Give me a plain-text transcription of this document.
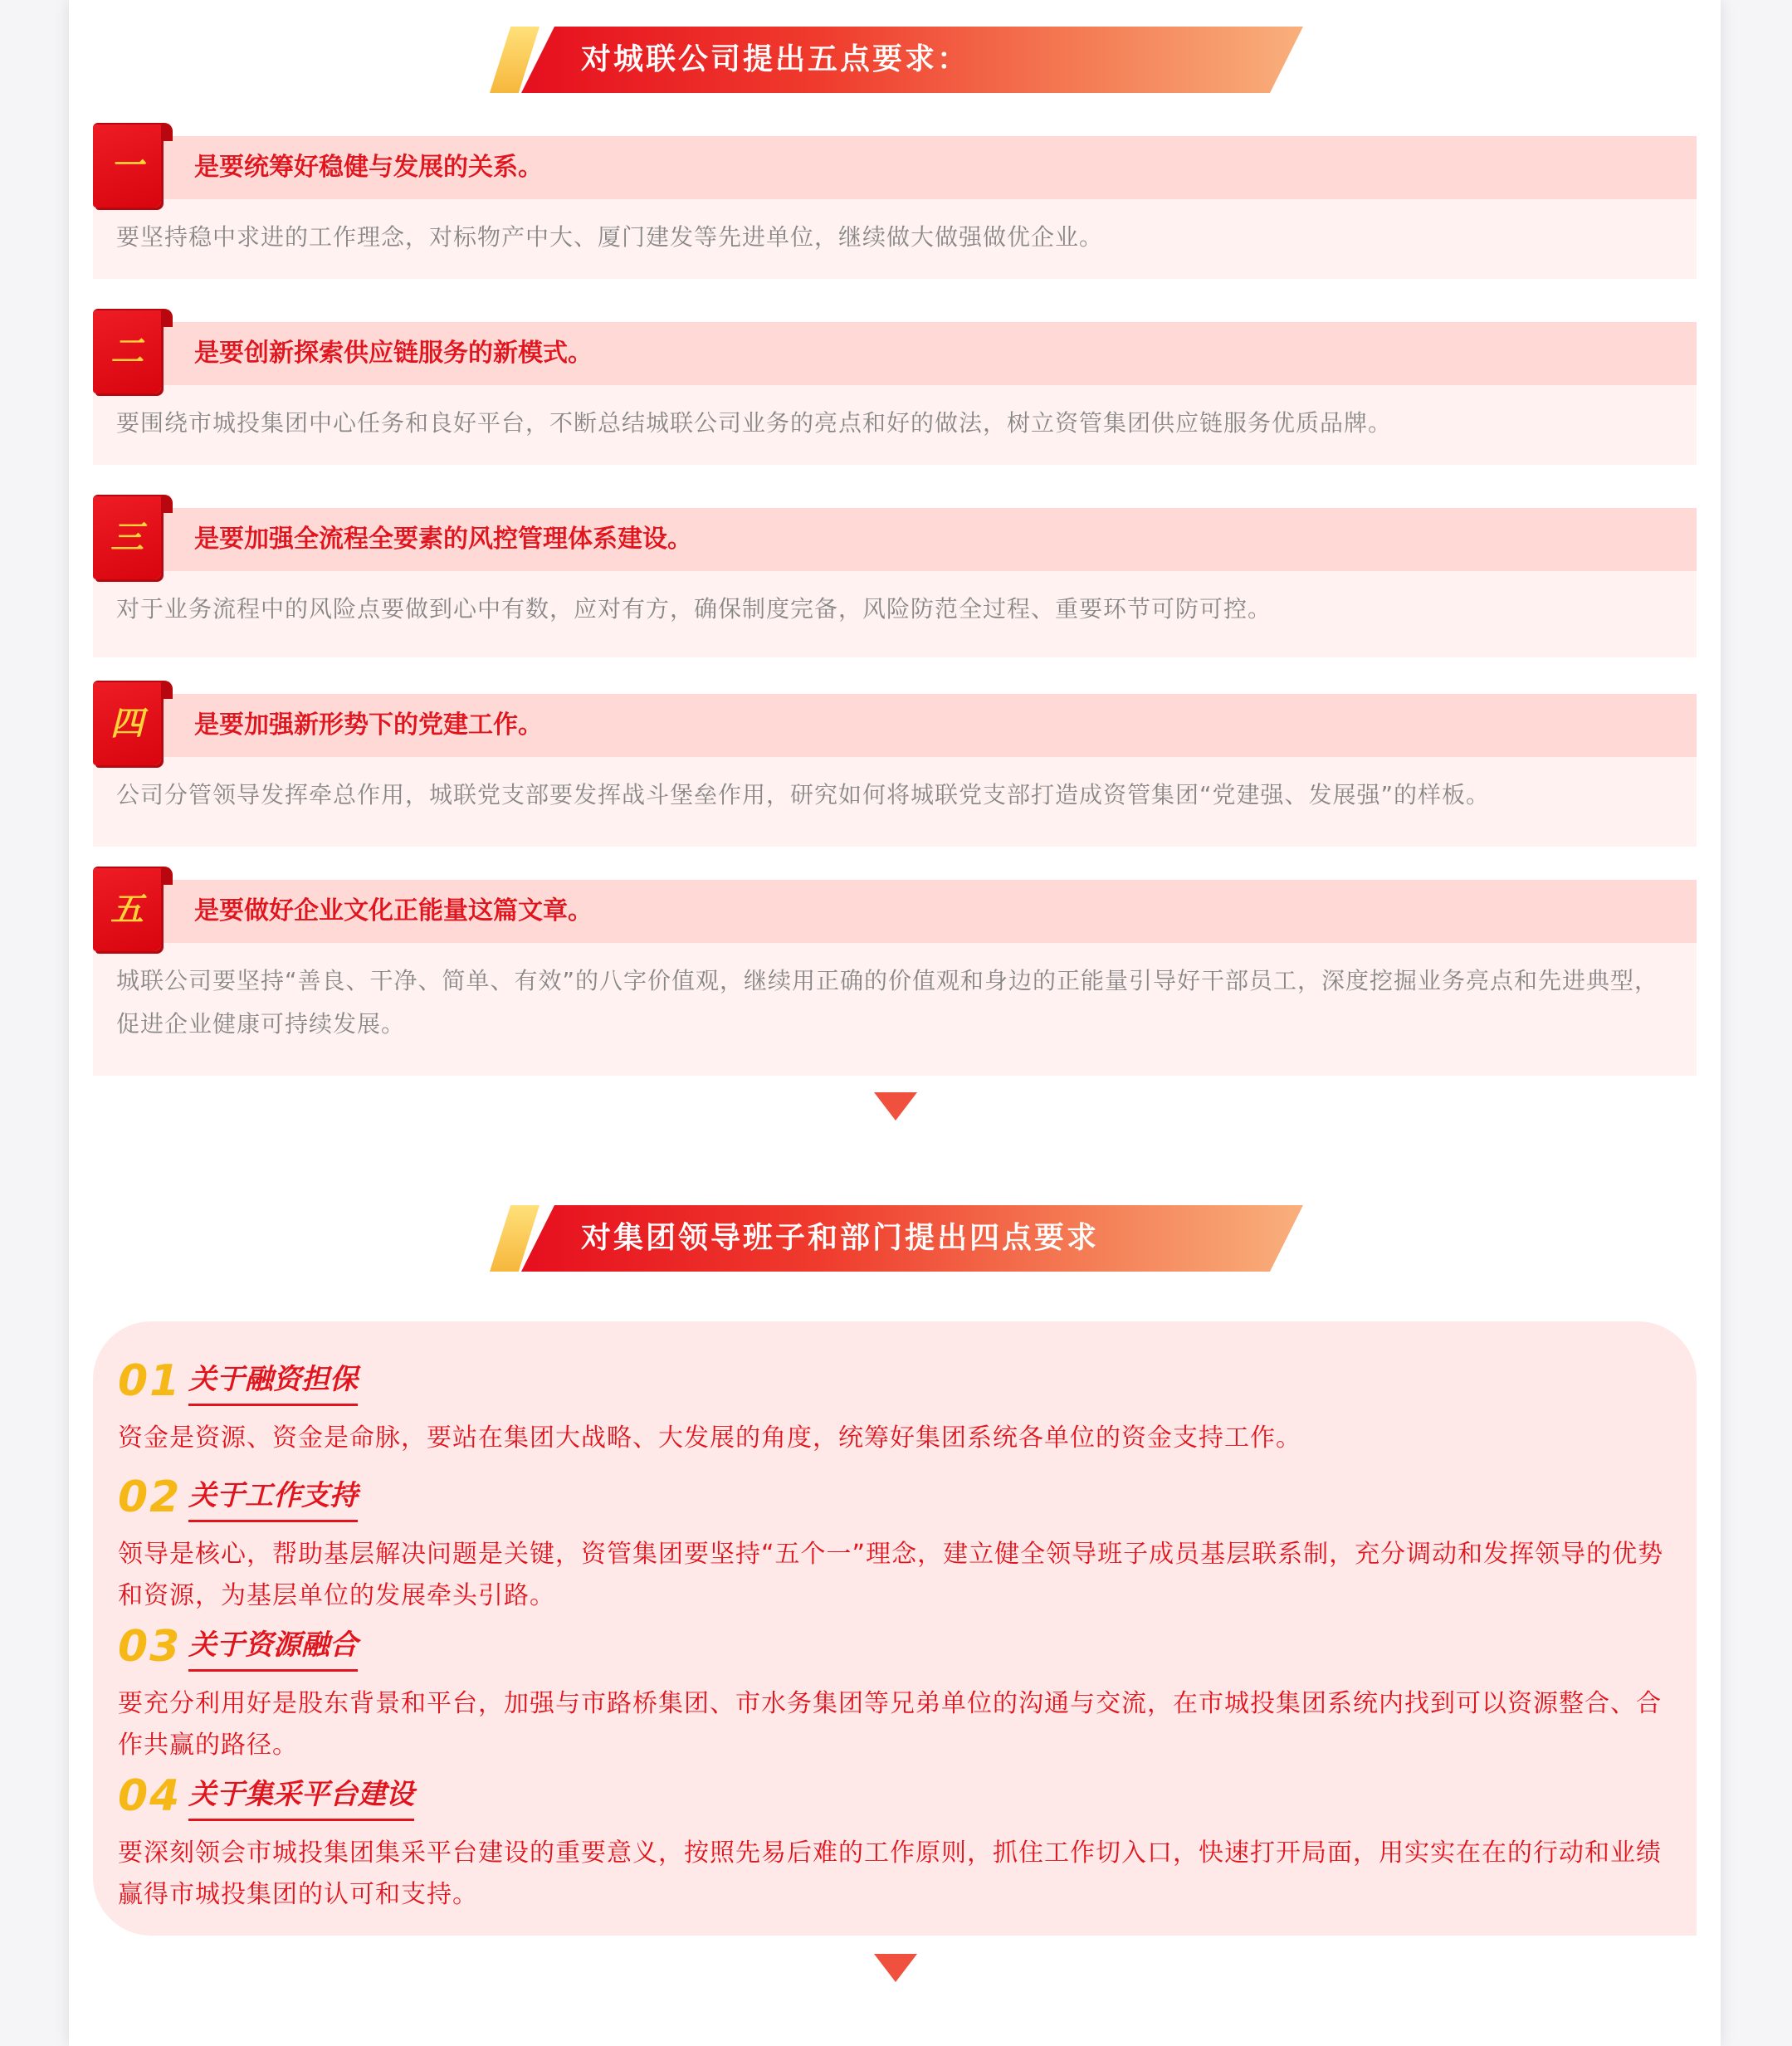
对城联公司提出五点要求：
要坚持稳中求进的工作理念，对标物产中大、厦门建发等先进单位，继续做大做强做优企业。
一	是要统筹好稳健与发展的关系。
要围绕市城投集团中心任务和良好平台，不断总结城联公司业务的亮点和好的做法，树立资管集团供应链服务优质品牌。
二	是要创新探索供应链服务的新模式。
对于业务流程中的风险点要做到心中有数，应对有方，确保制度完备，风险防范全过程、重要环节可防可控。
三	是要加强全流程全要素的风控管理体系建设。
公司分管领导发挥牵总作用，城联党支部要发挥战斗堡垒作用，研究如何将城联党支部打造成资管集团“党建强、发展强”的样板。
四	是要加强新形势下的党建工作。
城联公司要坚持“善良、干净、简单、有效”的八字价值观，继续用正确的价值观和身边的正能量引导好干部员工，深度挖掘业务亮点和先进典型，促进企业健康可持续发展。
五	是要做好企业文化正能量这篇文章。
对集团领导班子和部门提出四点要求
01 关于融资担保
资金是资源、资金是命脉，要站在集团大战略、大发展的角度，统筹好集团系统各单位的资金支持工作。
02 关于工作支持
领导是核心，帮助基层解决问题是关键，资管集团要坚持“五个一”理念，建立健全领导班子成员基层联系制，充分调动和发挥领导的优势和资源，为基层单位的发展牵头引路。
03 关于资源融合
要充分利用好是股东背景和平台，加强与市路桥集团、市水务集团等兄弟单位的沟通与交流，在市城投集团系统内找到可以资源整合、合作共赢的路径。
04 关于集采平台建设
要深刻领会市城投集团集采平台建设的重要意义，按照先易后难的工作原则，抓住工作切入口，快速打开局面，用实实在在的行动和业绩赢得市城投集团的认可和支持。
